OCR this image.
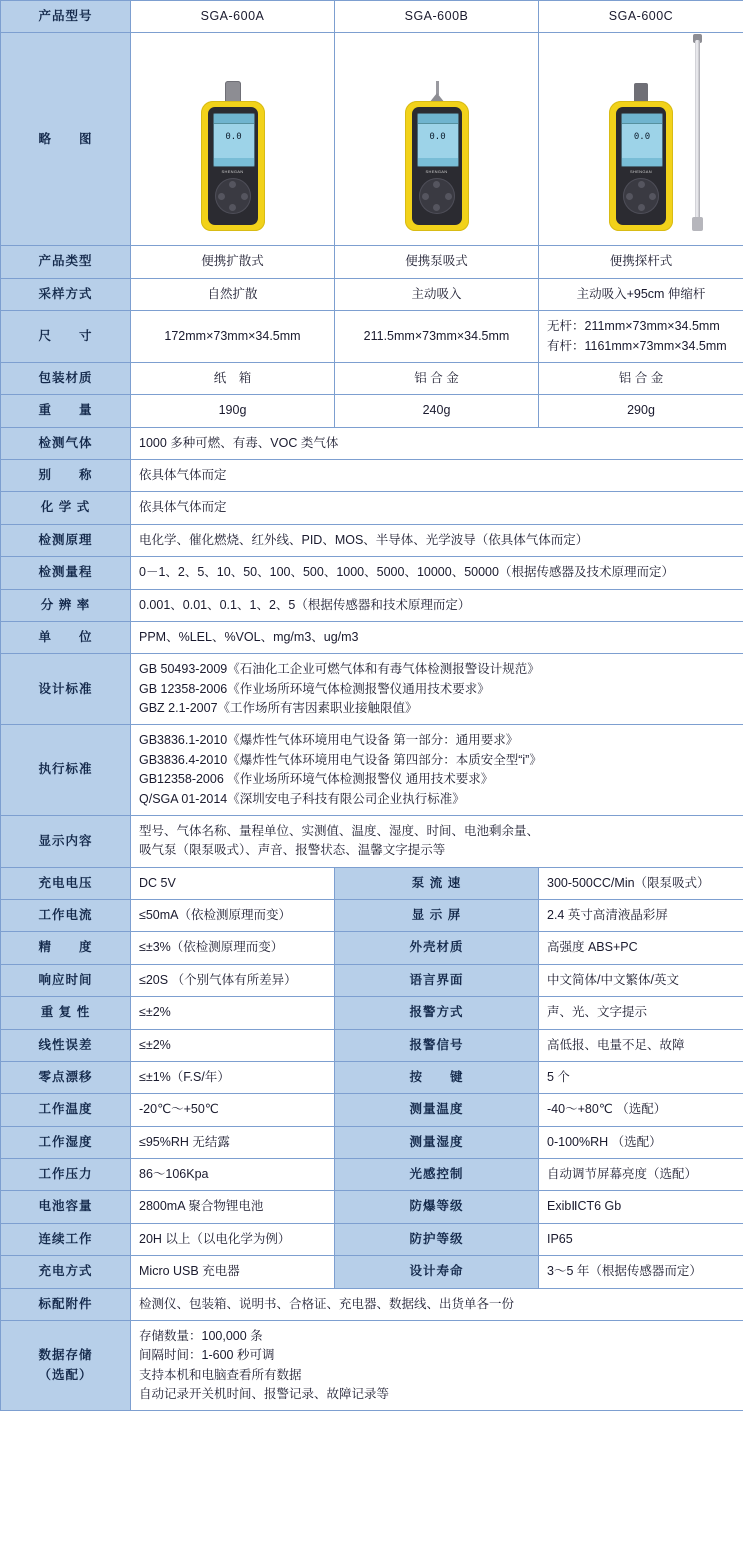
产品型号	SGA-600A	SGA-600B	SGA-600C
略　　图	0.0
SHENGAN

0.0
SHENGAN

0.0
SHENGAN

产品类型	便携扩散式	便携泵吸式	便携探杆式
采样方式	自然扩散	主动吸入	主动吸入+95cm 伸缩杆
尺　　寸	172mm×73mm×34.5mm	211.5mm×73mm×34.5mm	无杆：211mm×73mm×34.5mm
有杆：1161mm×73mm×34.5mm

包装材质	纸　箱	铝 合 金	铝 合 金
重　　量	190g	240g	290g
检测气体	1000 多种可燃、有毒、VOC 类气体		
别　　称	依具体气体而定		
化 学 式	依具体气体而定		
检测原理	电化学、催化燃烧、红外线、PID、MOS、半导体、光学波导（依具体气体而定）		
检测量程	0－1、2、5、10、50、100、500、1000、5000、10000、50000（根据传感器及技术原理而定）		
分 辨 率	0.001、0.01、0.1、1、2、5（根据传感器和技术原理而定）		
单　　位	PPM、%LEL、%VOL、mg/m3、ug/m3		
设计标准	GB 50493-2009《石油化工企业可燃气体和有毒气体检测报警设计规范》
GB 12358-2006《作业场所环境气体检测报警仪通用技术要求》
GBZ 2.1-2007《工作场所有害因素职业接触限值》		

执行标准	GB3836.1-2010《爆炸性气体环境用电气设备 第一部分：通用要求》
GB3836.4-2010《爆炸性气体环境用电气设备 第四部分：本质安全型“i”》
GB12358-2006 《作业场所环境气体检测报警仪 通用技术要求》
Q/SGA 01-2014《深圳安电子科技有限公司企业执行标准》		

显示内容	型号、气体名称、量程单位、实测值、温度、湿度、时间、电池剩余量、
吸气泵（限泵吸式）、声音、报警状态、温馨文字提示等		

充电电压	DC 5V	泵 流 速	300-500CC/Min（限泵吸式）
工作电流	≤50mA（依检测原理而变）	显 示 屏	2.4 英寸高清液晶彩屏
精　　度	≤±3%（依检测原理而变）	外壳材质	高强度 ABS+PC
响应时间	≤20S （个别气体有所差异）	语言界面	中文简体/中文繁体/英文
重 复 性	≤±2%	报警方式	声、光、文字提示
线性误差	≤±2%	报警信号	高低报、电量不足、故障
零点漂移	≤±1%（F.S/年）	按　　键	5 个
工作温度	-20℃～+50℃	测量温度	-40～+80℃ （选配）
工作湿度	≤95%RH 无结露	测量湿度	0-100%RH （选配）
工作压力	86～106Kpa	光感控制	自动调节屏幕亮度（选配）
电池容量	2800mA 聚合物锂电池	防爆等级	ExibⅡCT6 Gb
连续工作	20H 以上（以电化学为例）	防护等级	IP65
充电方式	Micro USB 充电器	设计寿命	3～5 年（根据传感器而定）
标配附件	检测仪、包装箱、说明书、合格证、充电器、数据线、出货单各一份		

数据存储
（选配）

存储数量：100,000 条
间隔时间：1-600 秒可调
支持本机和电脑查看所有数据
自动记录开关机时间、报警记录、故障记录等
